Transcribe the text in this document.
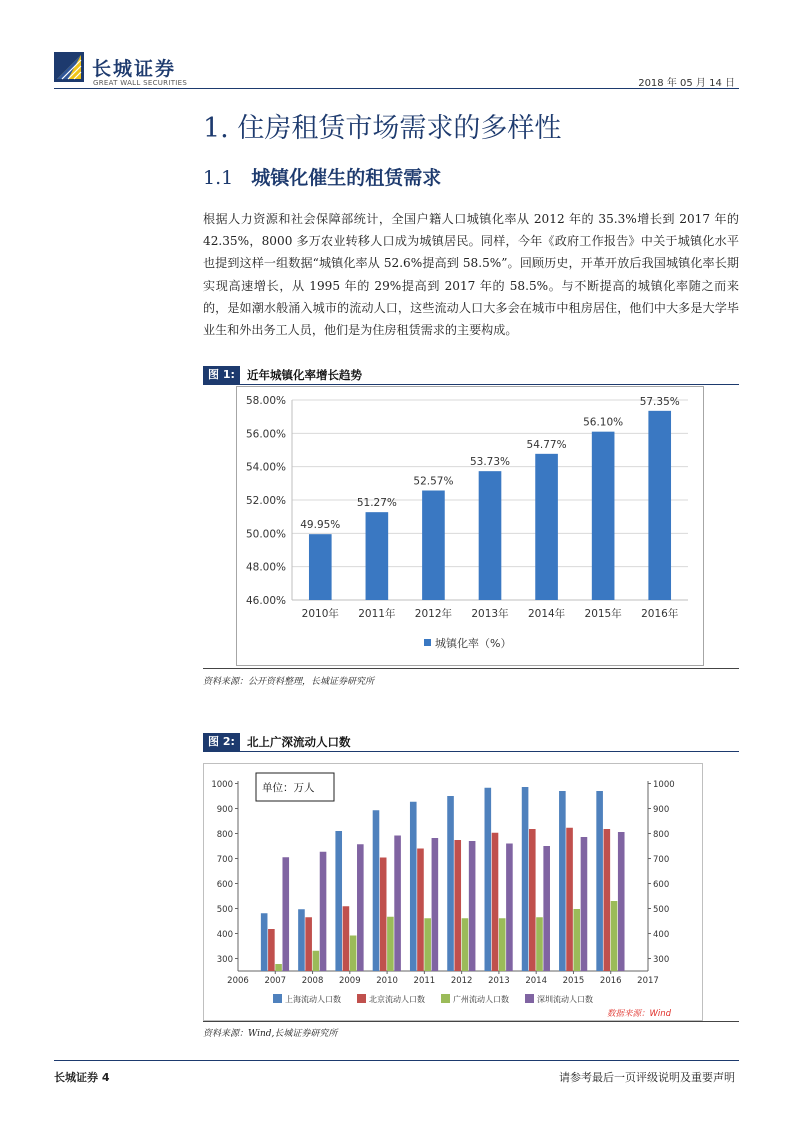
长城证券
GREAT WALL SECURITIES	2018 年 05 月 14 日
1. 住房租赁市场需求的多样性
1.1 城镇化催生的租赁需求
根据人力资源和社会保障部统计，全国户籍人口城镇化率从 2012 年的 35.3%增长到 2017 年的 42.35%，8000 多万农业转移人口成为城镇居民。同样，今年《政府工作报告》中关于城镇化水平也提到这样一组数据“城镇化率从 52.6%提高到 58.5%”。回顾历史，开革开放后我国城镇化率长期实现高速增长，从 1995 年的 29%提高到 2017 年的 58.5%。与不断提高的城镇化率随之而来的，是如潮水般涌入城市的流动人口，这些流动人口大多会在城市中租房居住，他们中大多是大学毕业生和外出务工人员，他们是为住房租赁需求的主要构成。
图 1:	近年城镇化率增长趋势
46.00%
48.00%
50.00%
52.00%
54.00%
56.00%
58.00%
49.95%
2010年
51.27%
2011年
52.57%
2012年
53.73%
2013年
54.77%
2014年
56.10%
2015年
57.35%
2016年
城镇化率（%）
资料来源：公开资料整理，长城证券研究所
图 2:	北上广深流动人口数
300	300
400	400
500	500
600	600
700	700
800	800
900	900
1000	1000
2006	2017
2007 2008 2009 2010 2011 2012 2013 2014 2015 2016
单位：万人
上海流动人口数	北京流动人口数	广州流动人口数	深圳流动人口数
数据来源：Wind
资料来源：Wind,长城证券研究所
长城证券 4	请参考最后一页评级说明及重要声明
